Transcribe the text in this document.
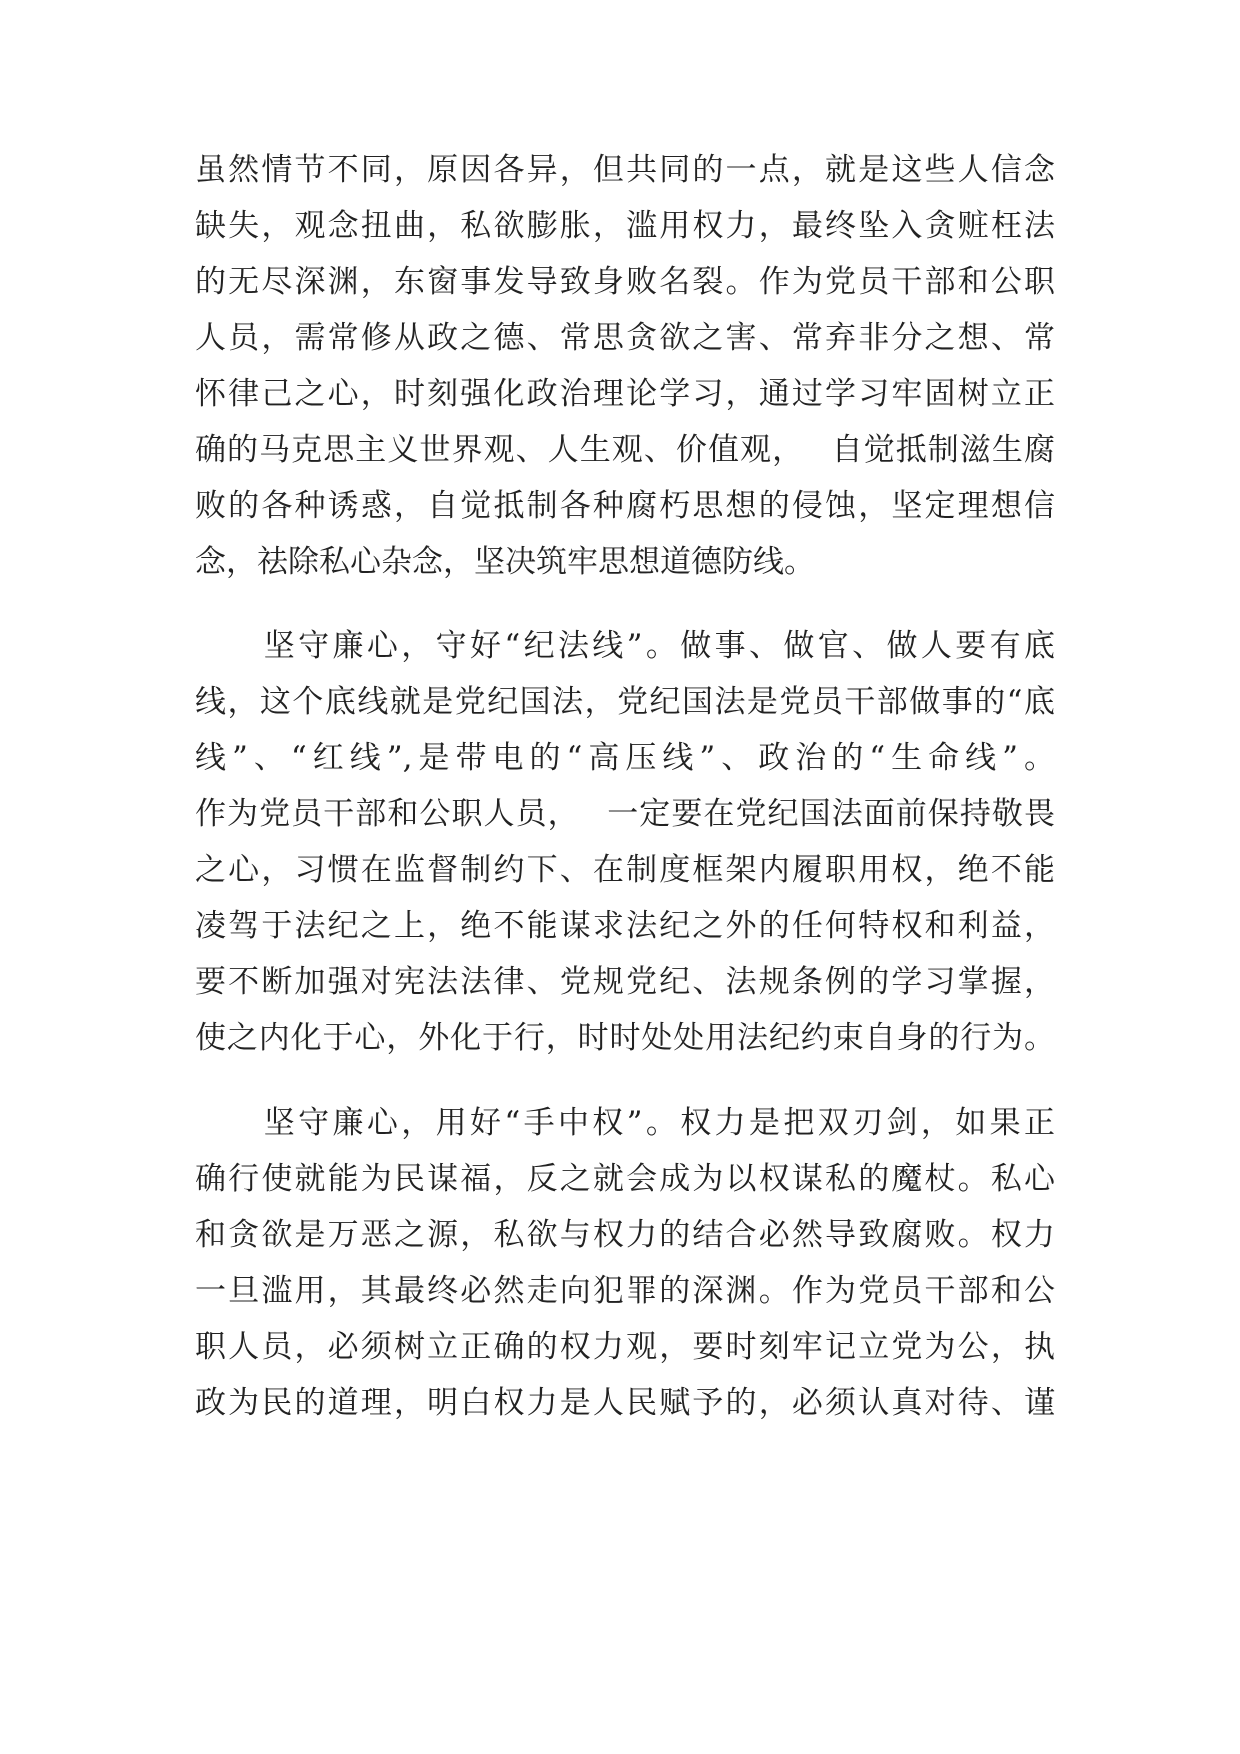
虽然情节不同，原因各异，但共同的一点，就是这些人信念
缺失，观念扭曲，私欲膨胀，滥用权力，最终坠入贪赃枉法
的无尽深渊，东窗事发导致身败名裂。作为党员干部和公职
人员，需常修从政之德、常思贪欲之害、常弃非分之想、常
怀律己之心，时刻强化政治理论学习，通过学习牢固树立正
确的马克思主义世界观、人生观、价值观，　 自觉抵制滋生腐
败的各种诱惑，自觉抵制各种腐朽思想的侵蚀，坚定理想信
念，祛除私心杂念，坚决筑牢思想道德防线。
　　坚守廉心，守好“纪法线”。做事、做官、做人要有底
线，这个底线就是党纪国法，党纪国法是党员干部做事的“底
线”、“红线”,是带电的“高压线”、政治的“生命线”。
作为党员干部和公职人员，　 一定要在党纪国法面前保持敬畏
之心，习惯在监督制约下、在制度框架内履职用权，绝不能
凌驾于法纪之上，绝不能谋求法纪之外的任何特权和利益，
要不断加强对宪法法律、党规党纪、法规条例的学习掌握，
使之内化于心，外化于行，时时处处用法纪约束自身的行为。
　　坚守廉心，用好“手中权”。权力是把双刃剑，如果正
确行使就能为民谋福，反之就会成为以权谋私的魔杖。私心
和贪欲是万恶之源，私欲与权力的结合必然导致腐败。权力
一旦滥用，其最终必然走向犯罪的深渊。作为党员干部和公
职人员，必须树立正确的权力观，要时刻牢记立党为公，执
政为民的道理，明白权力是人民赋予的，必须认真对待、谨
